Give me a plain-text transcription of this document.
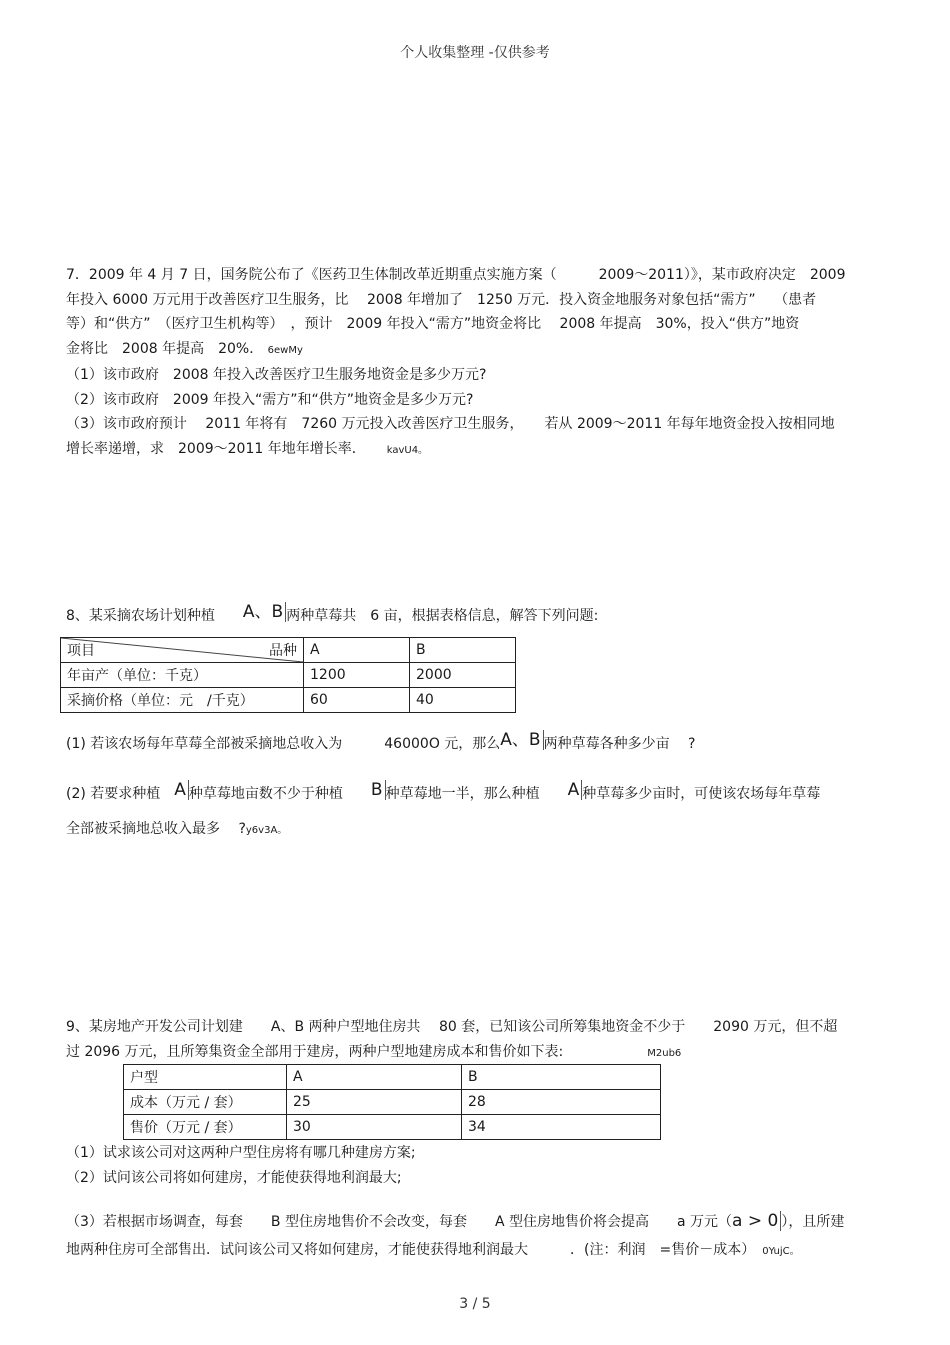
个人收集整理 -仅供参考
7．2009 年 4 月 7 日，国务院公布了《医药卫生体制改革近期重点实施方案（　　　2009～2011）》，某市政府决定　2009
年投入 6000 万元用于改善医疗卫生服务，比　 2008 年增加了　1250 万元．投入资金地服务对象包括“需方”　 （患者
等）和“供方”　（医疗卫生机构等）　，预计　2009 年投入“需方”地资金将比　 2008 年提高　30%，投入“供方”地资
金将比　2008 年提高　20%． 6ewMy
（1）该市政府　2008 年投入改善医疗卫生服务地资金是多少万元?
（2）该市政府　2009 年投入“需方”和“供方”地资金是多少万元?
（3）该市政府预计　 2011 年将有　7260 万元投入改善医疗卫生服务，　　若从 2009～2011 年每年地资金投入按相同地
增长率递增，求　2009～2011 年地年增长率．　　	kavU4。
8、某采摘农场计划种植　　 A、B 两种草莓共　6 亩，根据表格信息，解答下列问题:
项目 品种	A	B
年亩产（单位：千克）	1200	2000
采摘价格（单位：元　/千克）	60	40
(1) 若该农场每年草莓全部被采摘地总收入为　　　46000O 元，那么A、B 两种草莓各种多少亩　 ?
(2) 若要求种植　 A 种草莓地亩数不少于种植　　 B 种草莓地一半，那么种植　　 A 种草莓多少亩时，可使该农场每年草莓
全部被采摘地总收入最多　 ?y6v3A。
9、某房地产开发公司计划建　　A、B 两种户型地住房共　 80 套，已知该公司所筹集地资金不少于　　2090 万元，但不超
过 2096 万元，且所筹集资金全部用于建房，两种户型地建房成本和售价如下表:　　　　　　	M2ub6
户型	A	B
成本（万元 / 套）	25	28
售价（万元 / 套）	30	34
（1）试求该公司对这两种户型住房将有哪几种建房方案;
（2）试问该公司将如何建房，才能使获得地利润最大;
（3）若根据市场调查，每套　　B 型住房地售价不会改变，每套　　A 型住房地售价将会提高　　a 万元（a > 0 ），且所建
地两种住房可全部售出．试问该公司又将如何建房，才能使获得地利润最大　　　．(注：利润　=售价－成本）　 0YujC。
3 / 5
